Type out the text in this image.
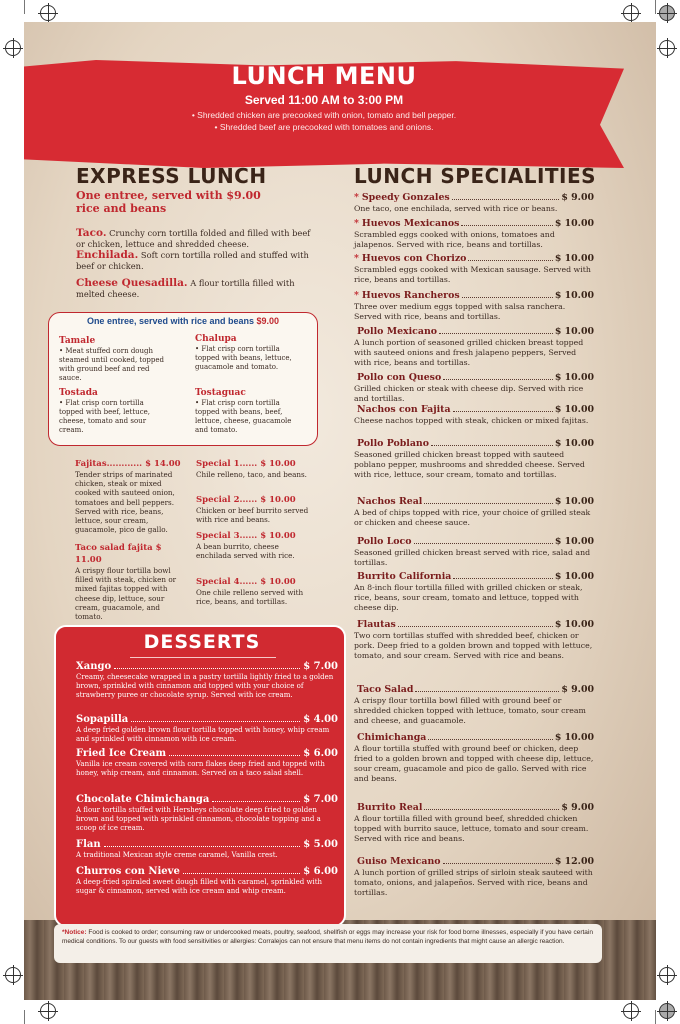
LUNCH MENU
Served 11:00 AM to 3:00 PM
• Shredded chicken are precooked with onion, tomato and bell pepper.
• Shredded beef are precooked with tomatoes and onions.
EXPRESS LUNCH
One entree, served with $9.00 rice and beans
Taco. Crunchy corn tortilla folded and filled with beef or chicken, lettuce and shredded cheese.
Enchilada. Soft corn tortilla rolled and stuffed with beef or chicken.
Cheese Quesadilla. A flour tortilla filled with melted cheese.
One entree, served with rice and beans $9.00
Tamale
• Meat stuffed corn dough steamed until cooked, topped with ground beef and red sauce.
Chalupa
• Flat crisp corn tortilla topped with beans, lettuce, guacamole and tomato.
Tostada
• Flat crisp corn tortilla topped with beef, lettuce, cheese, tomato and sour cream.
Tostaguac
• Flat crisp corn tortilla topped with beans, beef, lettuce, cheese, guacamole and tomato.
Fajitas............ $ 14.00
Tender strips of marinated chicken, steak or mixed cooked with sauteed onion, tomatoes and bell peppers. Served with rice, beans, lettuce, sour cream, guacamole, pico de gallo.
Taco salad fajita $ 11.00
A crispy flour tortilla bowl filled with steak, chicken or mixed fajitas topped with cheese dip, lettuce, sour cream, guacamole, and tomato.
Special 1...... $ 10.00
Chile relleno, taco, and beans.
Special 2...... $ 10.00
Chicken or beef burrito served with rice and beans.
Special 3...... $ 10.00
A bean burrito, cheese enchilada served with rice.
Special 4...... $ 10.00
One chile relleno served with rice, beans, and tortillas.
DESSERTS
Xango	$ 7.00
Creamy, cheesecake wrapped in a pastry tortilla lightly fried to a golden brown, sprinkled with cinnamon and topped with your choice of strawberry puree or chocolate syrup. Served with ice cream.
Sopapilla	$ 4.00
A deep fried golden brown flour tortilla topped with honey, whip cream and sprinkled with cinnamon with ice cream.
Fried Ice Cream	$ 6.00
Vanilla ice cream covered with corn flakes deep fried and topped with honey, whip cream, and cinnamon. Served on a taco salad shell.
Chocolate Chimichanga	$ 7.00
A flour tortilla stuffed with Hersheys chocolate deep fried to golden brown and topped with sprinkled cinnamon, chocolate topping and a scoop of ice cream.
Flan	$ 5.00
A traditional Mexican style creme caramel, Vanilla crest.
Churros con Nieve	$ 6.00
A deep-fried spiraled sweet dough filled with caramel, sprinkled with sugar & cinnamon, served with ice cream and whip cream.
LUNCH SPECIALITIES
* Speedy Gonzales	$ 9.00
One taco, one enchilada, served with rice or beans.
* Huevos Mexicanos	$ 10.00
Scrambled eggs cooked with onions, tomatoes and jalapenos. Served with rice, beans and tortillas.
* Huevos con Chorizo	$ 10.00
Scrambled eggs cooked with Mexican sausage. Served with rice, beans and tortillas.
* Huevos Rancheros	$ 10.00
Three over medium eggs topped with salsa ranchera. Served with rice, beans and tortillas.
Pollo Mexicano	$ 10.00
A lunch portion of seasoned grilled chicken breast topped with sauteed onions and fresh jalapeno peppers, Served with rice, beans and tortillas.
Pollo con Queso	$ 10.00
Grilled chicken or steak with cheese dip. Served with rice and tortillas.
Nachos con Fajita	$ 10.00
Cheese nachos topped with steak, chicken or mixed fajitas.
Pollo Poblano	$ 10.00
Seasoned grilled chicken breast topped with sauteed poblano pepper, mushrooms and shredded cheese. Served with rice, lettuce, sour cream, tomato and tortillas.
Nachos Real	$ 10.00
A bed of chips topped with rice, your choice of grilled steak or chicken and cheese sauce.
Pollo Loco	$ 10.00
Seasoned grilled chicken breast served with rice, salad and tortillas.
Burrito California	$ 10.00
An 8-inch flour tortilla filled with grilled chicken or steak, rice, beans, sour cream, tomato and lettuce, topped with cheese dip.
Flautas	$ 10.00
Two corn tortillas stuffed with shredded beef, chicken or pork. Deep fried to a golden brown and topped with lettuce, tomato, and sour cream. Served with rice and beans.
Taco Salad	$ 9.00
A crispy flour tortilla bowl filled with ground beef or shredded chicken topped with lettuce, tomato, sour cream and cheese, and guacamole.
Chimichanga	$ 10.00
A flour tortilla stuffed with ground beef or chicken, deep fried to a golden brown and topped with cheese dip, lettuce, sour cream, guacamole and pico de gallo. Served with rice and beans.
Burrito Real	$ 9.00
A flour tortilla filled with ground beef, shredded chicken topped with burrito sauce, lettuce, tomato and sour cream. Served with rice and beans.
Guiso Mexicano	$ 12.00
A lunch portion of grilled strips of sirloin steak sauteed with tomato, onions, and jalapeños. Served with rice, beans and tortillas.
*Notice: Food is cooked to order; consuming raw or undercooked meats, poultry, seafood, shellfish or eggs may increase your risk for food borne illnesses, especially if you have certain medical conditions. To our guests with food sensitivities or allergies: Corralejos can not ensure that menu items do not contain ingredients that might cause an allergic reaction.
